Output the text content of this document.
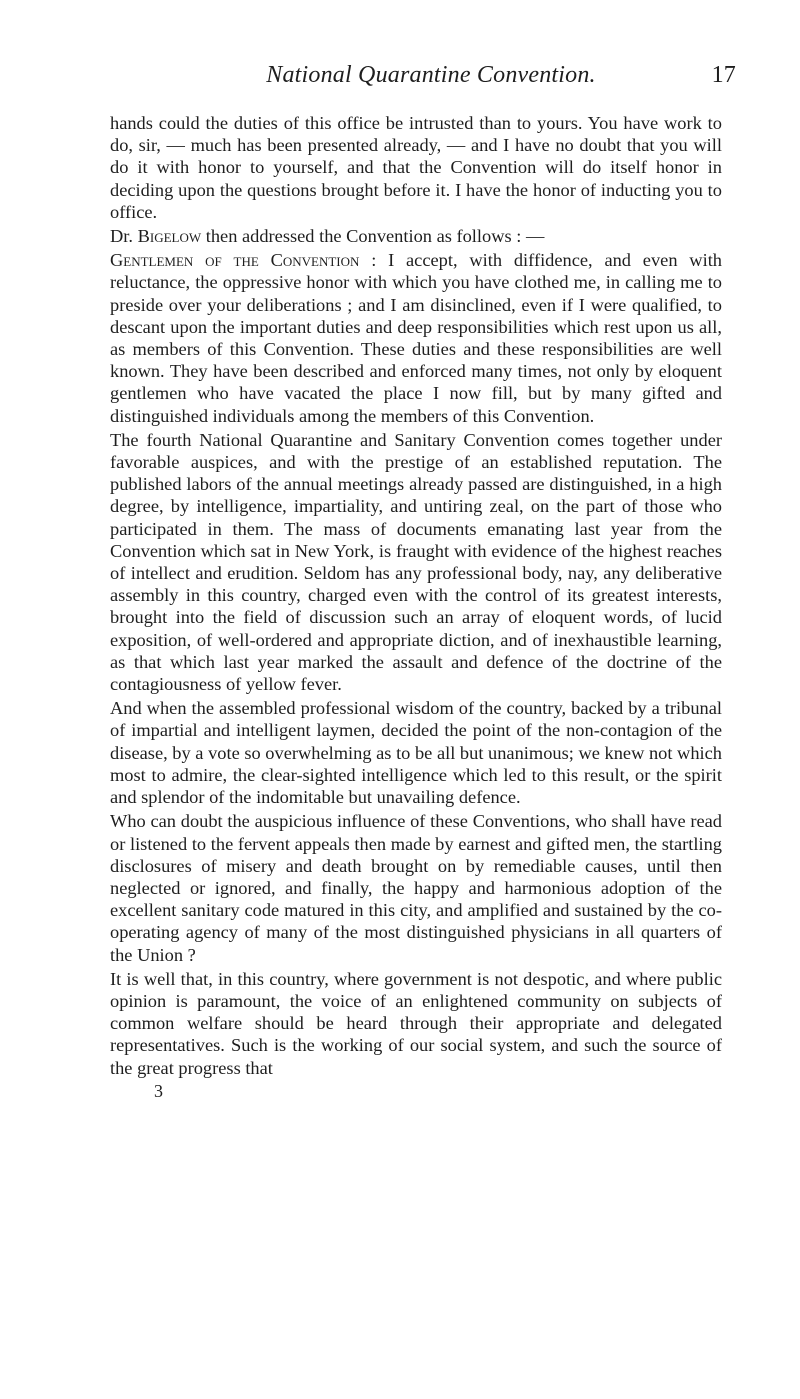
National Quarantine Convention.	17

hands could the duties of this office be intrusted than to yours. You have work to do, sir, — much has been presented already, — and I have no doubt that you will do it with honor to yourself, and that the Convention will do itself honor in deciding upon the questions brought before it. I have the honor of inducting you to office.

Dr. Bigelow then addressed the Convention as follows : —

Gentlemen of the Convention : I accept, with diffidence, and even with reluctance, the oppressive honor with which you have clothed me, in calling me to preside over your deliberations ; and I am disinclined, even if I were qualified, to descant upon the important duties and deep responsibilities which rest upon us all, as members of this Convention. These duties and these responsibilities are well known. They have been described and enforced many times, not only by eloquent gentlemen who have vacated the place I now fill, but by many gifted and distinguished individuals among the members of this Convention.

The fourth National Quarantine and Sanitary Convention comes together under favorable auspices, and with the prestige of an established reputation. The published labors of the annual meetings already passed are distinguished, in a high degree, by intelligence, impartiality, and untiring zeal, on the part of those who participated in them. The mass of documents emanating last year from the Convention which sat in New York, is fraught with evidence of the highest reaches of intellect and erudition. Seldom has any professional body, nay, any deliberative assembly in this country, charged even with the control of its greatest interests, brought into the field of discussion such an array of eloquent words, of lucid exposition, of well-ordered and appropriate diction, and of inexhaustible learning, as that which last year marked the assault and defence of the doctrine of the contagiousness of yellow fever.

And when the assembled professional wisdom of the country, backed by a tribunal of impartial and intelligent laymen, decided the point of the non-contagion of the disease, by a vote so overwhelming as to be all but unanimous; we knew not which most to admire, the clear-sighted intelligence which led to this result, or the spirit and splendor of the indomitable but unavailing defence.

Who can doubt the auspicious influence of these Conventions, who shall have read or listened to the fervent appeals then made by earnest and gifted men, the startling disclosures of misery and death brought on by remediable causes, until then neglected or ignored, and finally, the happy and harmonious adoption of the excellent sanitary code matured in this city, and amplified and sustained by the co-operating agency of many of the most distinguished physicians in all quarters of the Union ?

It is well that, in this country, where government is not despotic, and where public opinion is paramount, the voice of an enlightened community on subjects of common welfare should be heard through their appropriate and delegated representatives. Such is the working of our social system, and such the source of the great progress that

3
